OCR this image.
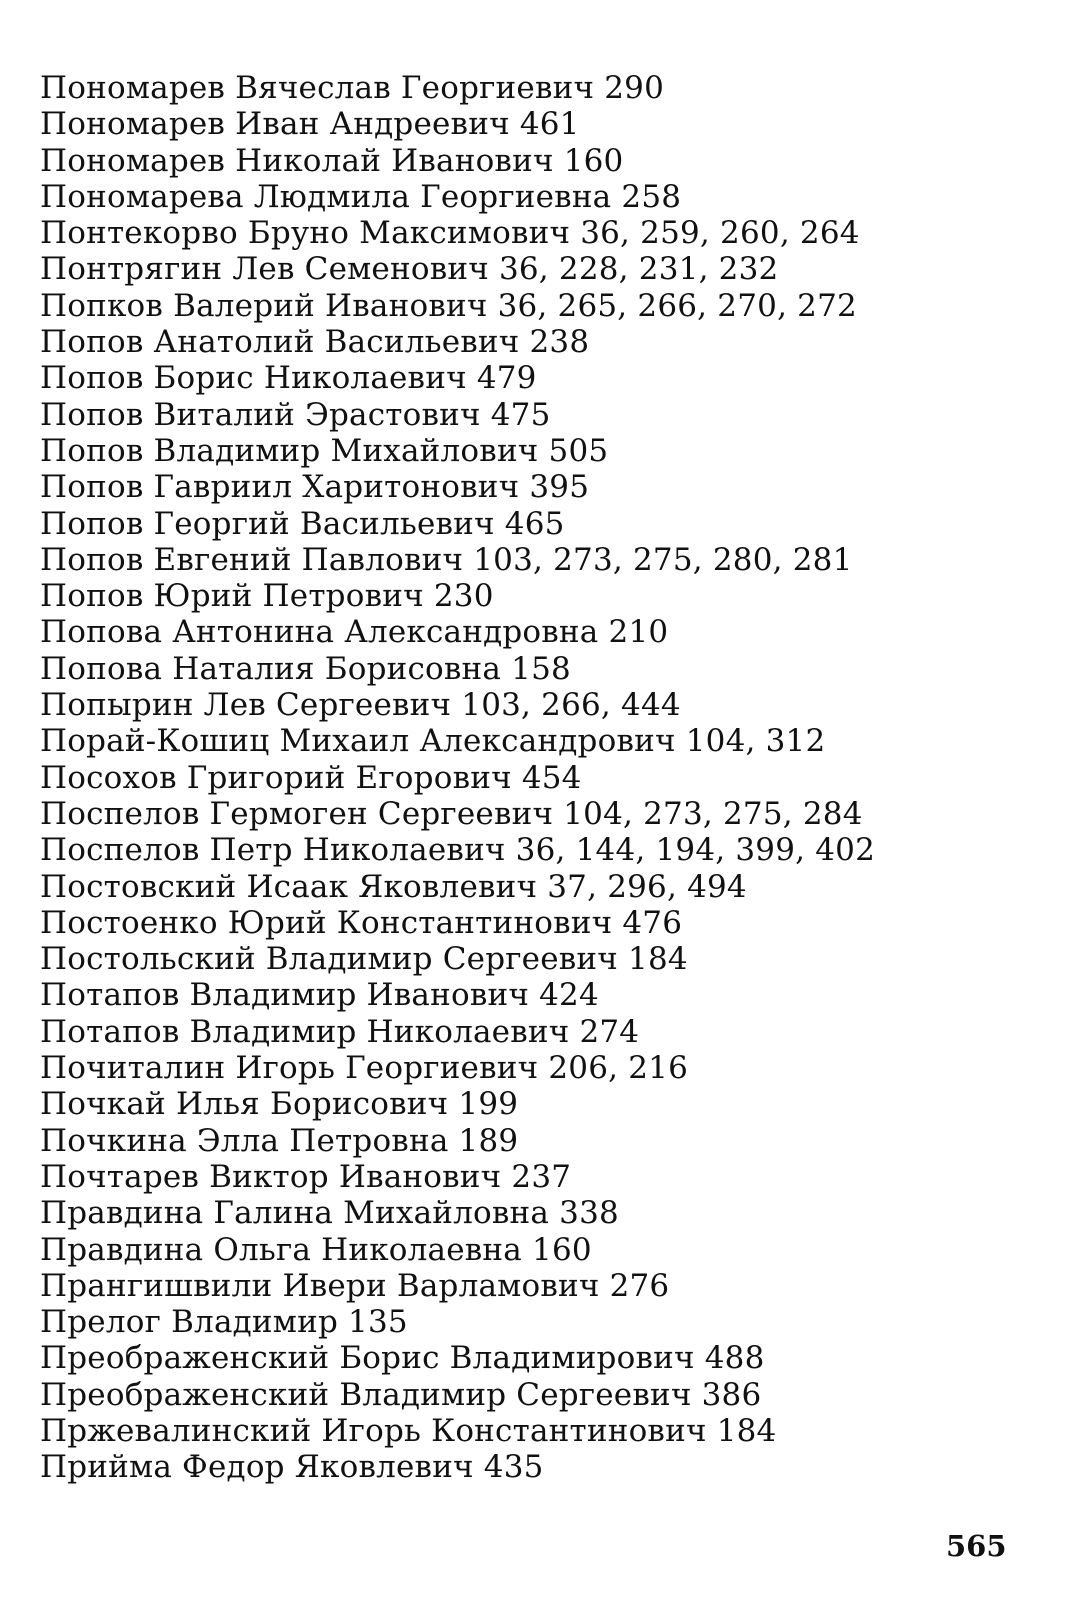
Пономарев Вячеслав Георгиевич 290
Пономарев Иван Андреевич 461
Пономарев Николай Иванович 160
Пономарева Людмила Георгиевна 258
Понтекорво Бруно Максимович 36, 259, 260, 264
Понтрягин Лев Семенович 36, 228, 231, 232
Попков Валерий Иванович 36, 265, 266, 270, 272
Попов Анатолий Васильевич 238
Попов Борис Николаевич 479
Попов Виталий Эрастович 475
Попов Владимир Михайлович 505
Попов Гавриил Харитонович 395
Попов Георгий Васильевич 465
Попов Евгений Павлович 103, 273, 275, 280, 281
Попов Юрий Петрович 230
Попова Антонина Александровна 210
Попова Наталия Борисовна 158
Попырин Лев Сергеевич 103, 266, 444
Порай-Кошиц Михаил Александрович 104, 312
Посохов Григорий Егорович 454
Поспелов Гермоген Сергеевич 104, 273, 275, 284
Поспелов Петр Николаевич 36, 144, 194, 399, 402
Постовский Исаак Яковлевич 37, 296, 494
Постоенко Юрий Константинович 476
Постольский Владимир Сергеевич 184
Потапов Владимир Иванович 424
Потапов Владимир Николаевич 274
Почиталин Игорь Георгиевич 206, 216
Почкай Илья Борисович 199
Почкина Элла Петровна 189
Почтарев Виктор Иванович 237
Правдина Галина Михайловна 338
Правдина Ольга Николаевна 160
Прангишвили Ивери Варламович 276
Прелог Владимир 135
Преображенский Борис Владимирович 488
Преображенский Владимир Сергеевич 386
Пржевалинский Игорь Константинович 184
Прийма Федор Яковлевич 435
565
